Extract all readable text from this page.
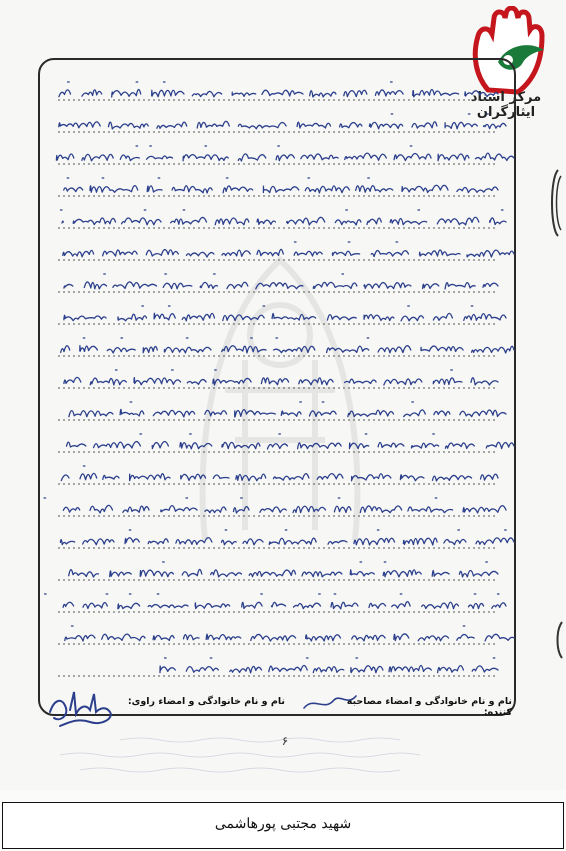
مرکز اسناد ایثارگران
نام و نام خانوادگی و امضاء مصاحبه کننده:
نام و نام خانوادگی و امضاء راوی:
۶
شهید مجتبی پورهاشمی
